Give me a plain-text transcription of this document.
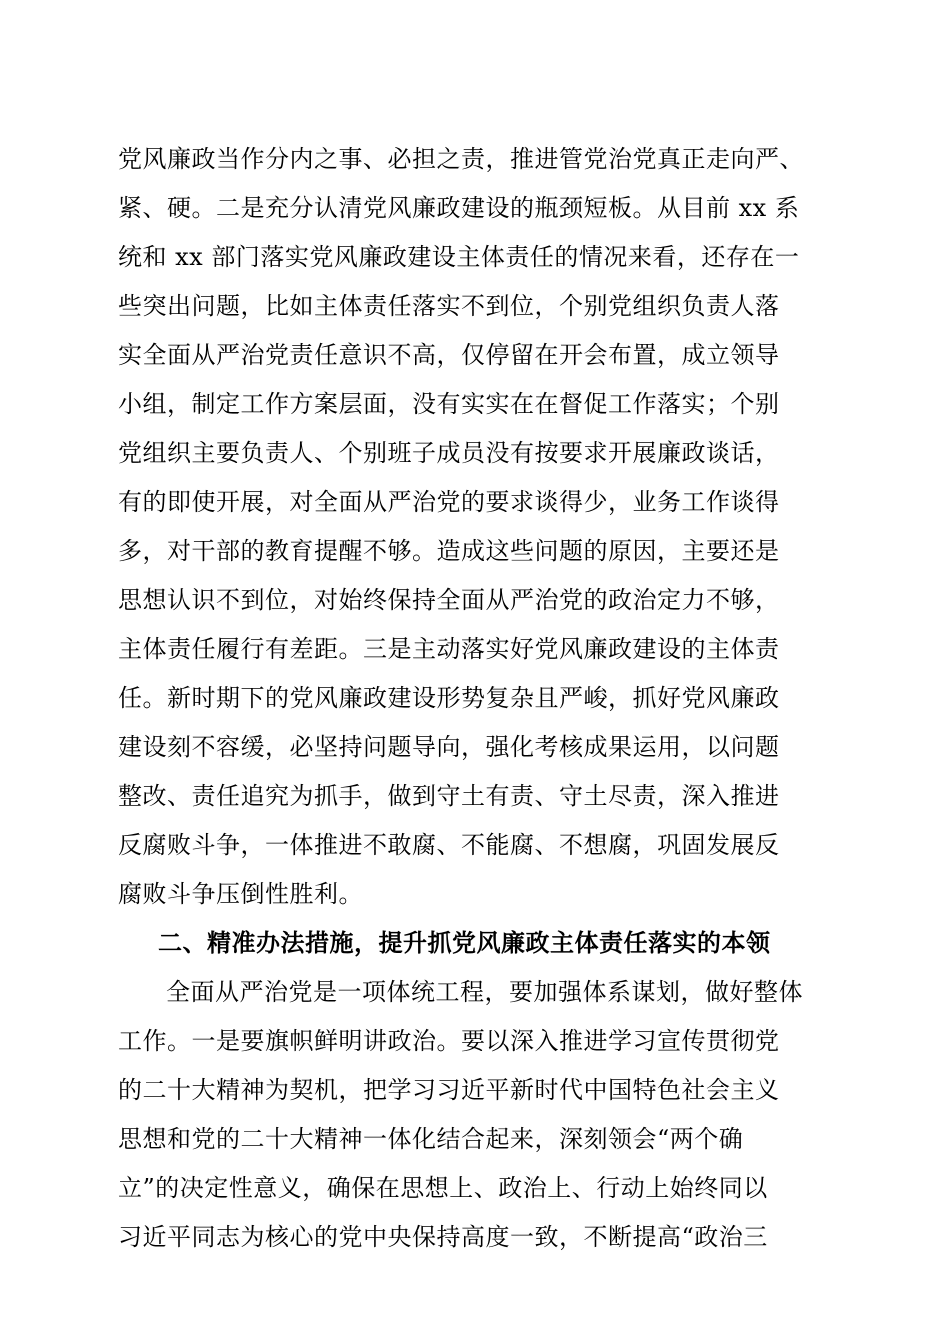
党风廉政当作分内之事、必担之责，推进管党治党真正走向严、
紧、硬。二是充分认清党风廉政建设的瓶颈短板。从目前 xx 系
统和 xx 部门落实党风廉政建设主体责任的情况来看，还存在一
些突出问题，比如主体责任落实不到位，个别党组织负责人落
实全面从严治党责任意识不高，仅停留在开会布置，成立领导
小组，制定工作方案层面，没有实实在在督促工作落实；个别
党组织主要负责人、个别班子成员没有按要求开展廉政谈话，
有的即使开展，对全面从严治党的要求谈得少，业务工作谈得
多，对干部的教育提醒不够。造成这些问题的原因，主要还是
思想认识不到位，对始终保持全面从严治党的政治定力不够，
主体责任履行有差距。三是主动落实好党风廉政建设的主体责
任。新时期下的党风廉政建设形势复杂且严峻，抓好党风廉政
建设刻不容缓，必坚持问题导向，强化考核成果运用，以问题
整改、责任追究为抓手，做到守土有责、守土尽责，深入推进
反腐败斗争，一体推进不敢腐、不能腐、不想腐，巩固发展反
腐败斗争压倒性胜利。
二、精准办法措施，提升抓党风廉政主体责任落实的本领
全面从严治党是一项体统工程，要加强体系谋划，做好整体
工作。一是要旗帜鲜明讲政治。要以深入推进学习宣传贯彻党
的二十大精神为契机，把学习习近平新时代中国特色社会主义
思想和党的二十大精神一体化结合起来，深刻领会“两个确
立”的决定性意义，确保在思想上、政治上、行动上始终同以
习近平同志为核心的党中央保持高度一致，不断提高“政治三
